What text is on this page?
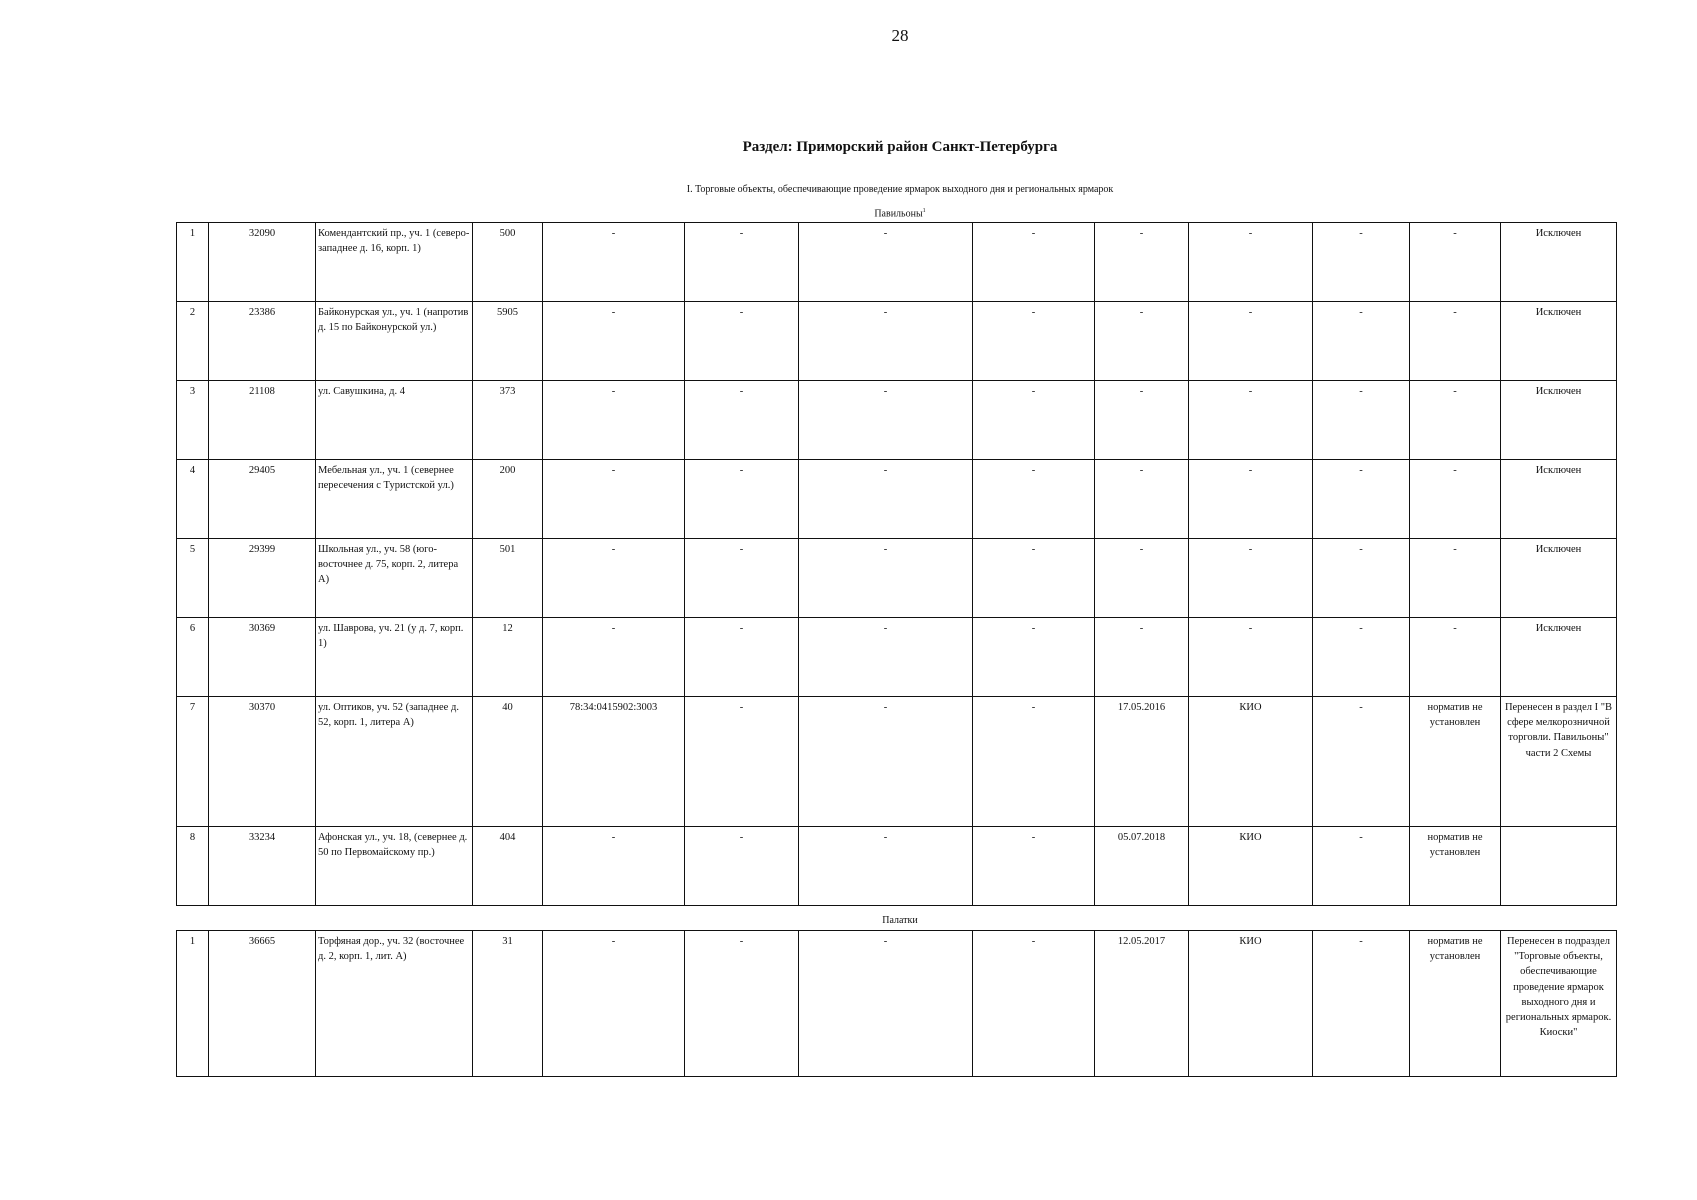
28
Раздел: Приморский район Санкт-Петербурга
I. Торговые объекты, обеспечивающие проведение ярмарок выходного дня и региональных ярмарок
Павильоны$^1$
1	32090	Комендантский пр., уч. 1 (северо-западнее д. 16, корп. 1)	500	-	-	-	-	-	-	-	-	Исключен
2	23386	Байконурская ул., уч. 1 (напротив д. 15 по Байконурской ул.)	5905	-	-	-	-	-	-	-	-	Исключен
3	21108	ул. Савушкина, д. 4	373	-	-	-	-	-	-	-	-	Исключен
4	29405	Мебельная ул., уч. 1 (севернее пересечения с Туристской ул.)	200	-	-	-	-	-	-	-	-	Исключен
5	29399	Школьная ул., уч. 58 (юго-восточнее д. 75, корп. 2, литера А)	501	-	-	-	-	-	-	-	-	Исключен
6	30369	ул. Шаврова, уч. 21 (у д. 7, корп. 1)	12	-	-	-	-	-	-	-	-	Исключен
7	30370	ул. Оптиков, уч. 52 (западнее д. 52, корп. 1, литера А)	40	78:34:0415902:3003	-	-	-	17.05.2016	КИО	-	норматив не установлен	Перенесен в раздел I "В сфере мелкорозничной торговли. Павильоны" части 2 Схемы
8	33234	Афонская ул., уч. 18, (севернее д. 50 по Первомайскому пр.)	404	-	-	-	-	05.07.2018	КИО	-	норматив не установлен	
Палатки
1	36665	Торфяная дор., уч. 32 (восточнее д. 2, корп. 1, лит. А)	31	-	-	-	-	12.05.2017	КИО	-	норматив не установлен	Перенесен в подраздел "Торговые объекты, обеспечивающие проведение ярмарок выходного дня и региональных ярмарок. Киоски"
